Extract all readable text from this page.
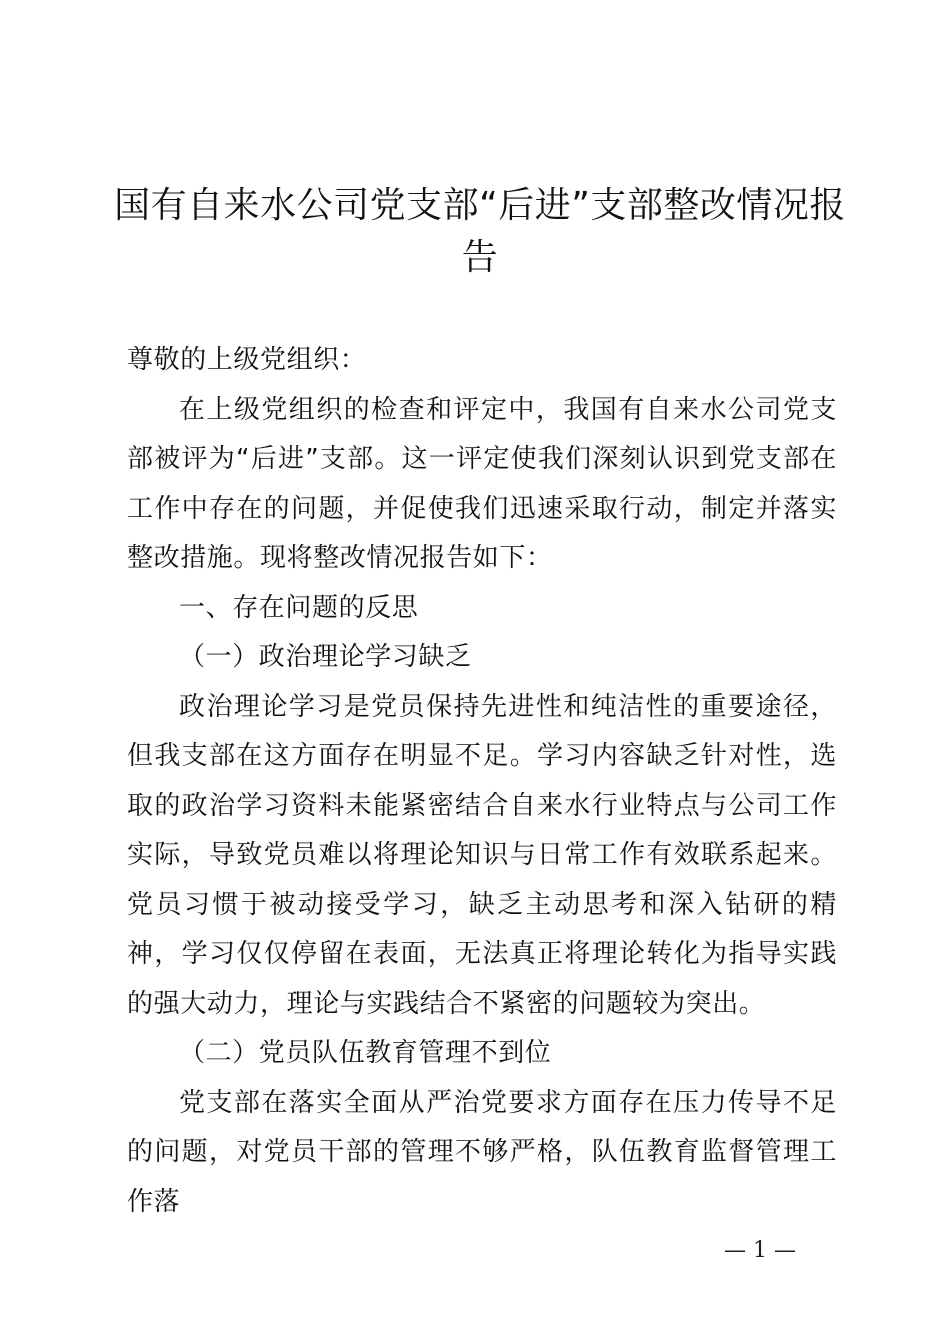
国有自来水公司党支部“后进”支部整改情况报告

尊敬的上级党组织：

在上级党组织的检查和评定中，我国有自来水公司党支部被评为“后进”支部。这一评定使我们深刻认识到党支部在工作中存在的问题，并促使我们迅速采取行动，制定并落实整改措施。现将整改情况报告如下：

一、存在问题的反思

（一）政治理论学习缺乏

政治理论学习是党员保持先进性和纯洁性的重要途径，但我支部在这方面存在明显不足。学习内容缺乏针对性，选取的政治学习资料未能紧密结合自来水行业特点与公司工作实际，导致党员难以将理论知识与日常工作有效联系起来。党员习惯于被动接受学习，缺乏主动思考和深入钻研的精神，学习仅仅停留在表面，无法真正将理论转化为指导实践的强大动力，理论与实践结合不紧密的问题较为突出。

（二）党员队伍教育管理不到位

党支部在落实全面从严治党要求方面存在压力传导不足的问题，对党员干部的管理不够严格，队伍教育监督管理工作落

— 1 —
